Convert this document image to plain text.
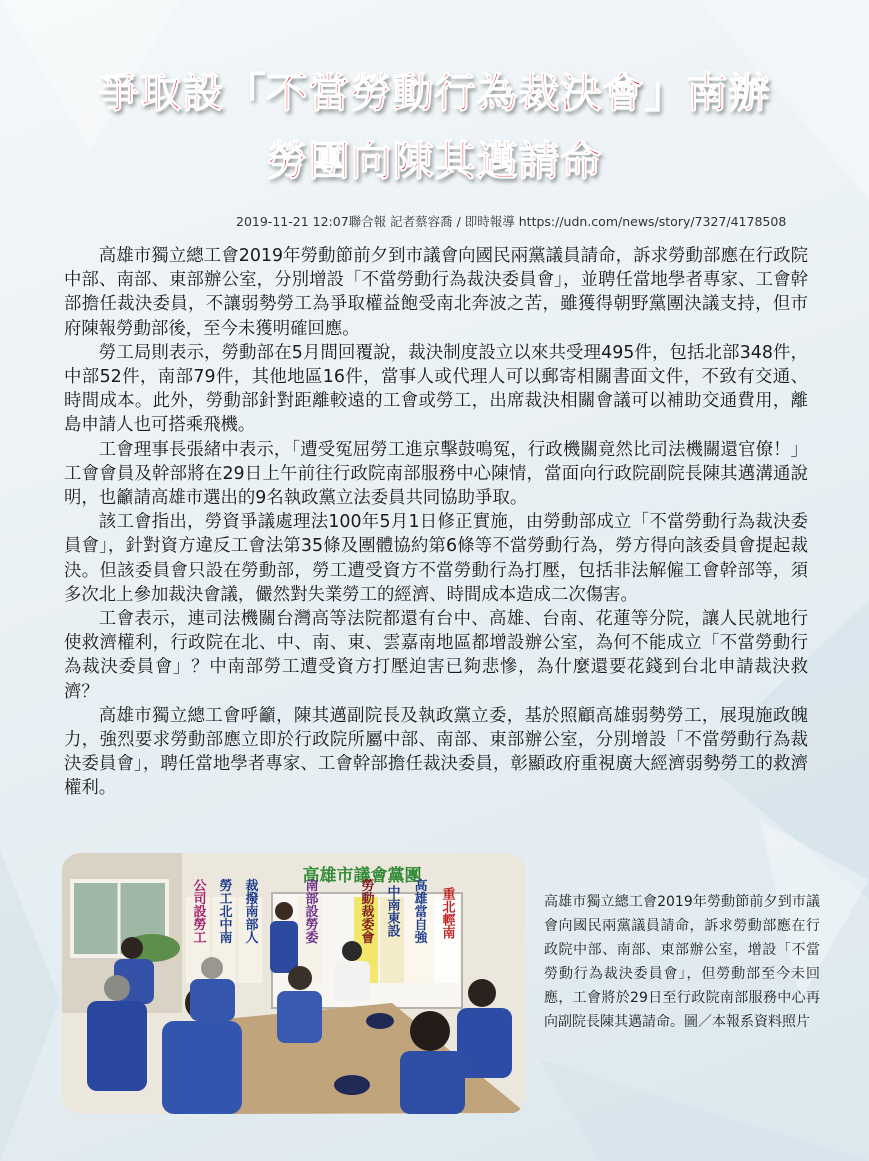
爭取設「不當勞動行為裁決會」南辦
勞團向陳其邁請命
2019-11-21 12:07聯合報 記者蔡容喬 / 即時報導 https://udn.com/news/story/7327/4178508

高雄市獨立總工會2019年勞動節前夕到市議會向國民兩黨議員請命，訴求勞動部應在行政院中部、南部、東部辦公室，分別增設「不當勞動行為裁決委員會」，並聘任當地學者專家、工會幹部擔任裁決委員，不讓弱勢勞工為爭取權益飽受南北奔波之苦，雖獲得朝野黨團決議支持，但市府陳報勞動部後，至今未獲明確回應。

勞工局則表示，勞動部在5月間回覆說，裁決制度設立以來共受理495件，包括北部348件，中部52件，南部79件，其他地區16件，當事人或代理人可以郵寄相關書面文件，不致有交通、時間成本。此外，勞動部針對距離較遠的工會或勞工，出席裁決相關會議可以補助交通費用，離島申請人也可搭乘飛機。

工會理事長張緒中表示，「遭受冤屈勞工進京擊鼓鳴冤，行政機關竟然比司法機關還官僚！」工會會員及幹部將在29日上午前往行政院南部服務中心陳情，當面向行政院副院長陳其邁溝通說明，也籲請高雄市選出的9名執政黨立法委員共同協助爭取。

該工會指出，勞資爭議處理法100年5月1日修正實施，由勞動部成立「不當勞動行為裁決委員會」，針對資方違反工會法第35條及團體協約第6條等不當勞動行為，勞方得向該委員會提起裁決。但該委員會只設在勞動部，勞工遭受資方不當勞動行為打壓，包括非法解僱工會幹部等，須多次北上參加裁決會議，儼然對失業勞工的經濟、時間成本造成二次傷害。

工會表示，連司法機關台灣高等法院都還有台中、高雄、台南、花蓮等分院，讓人民就地行使救濟權利，行政院在北、中、南、東、雲嘉南地區都增設辦公室，為何不能成立「不當勞動行為裁決委員會」？中南部勞工遭受資方打壓迫害已夠悲慘，為什麼還要花錢到台北申請裁決救濟？

高雄市獨立總工會呼籲，陳其邁副院長及執政黨立委，基於照顧高雄弱勢勞工，展現施政魄力，強烈要求勞動部應立即於行政院所屬中部、南部、東部辦公室，分別增設「不當勞動行為裁決委員會」，聘任當地學者專家、工會幹部擔任裁決委員，彰顯政府重視廣大經濟弱勢勞工的救濟權利。

高雄市議會黨團
重北輕南
高雄當自強
中南東設
勞動裁委會
南部設勞委
勞工北中南
公司設勞工	裁撥南部人	高雄市獨立總工會2019年勞動節前夕到市議會向國民兩黨議員請命，訴求勞動部應在行政院中部、南部、東部辦公室，增設「不當勞動行為裁決委員會」，但勞動部至今未回應，工會將於29日至行政院南部服務中心再向副院長陳其邁請命。圖／本報系資料照片
